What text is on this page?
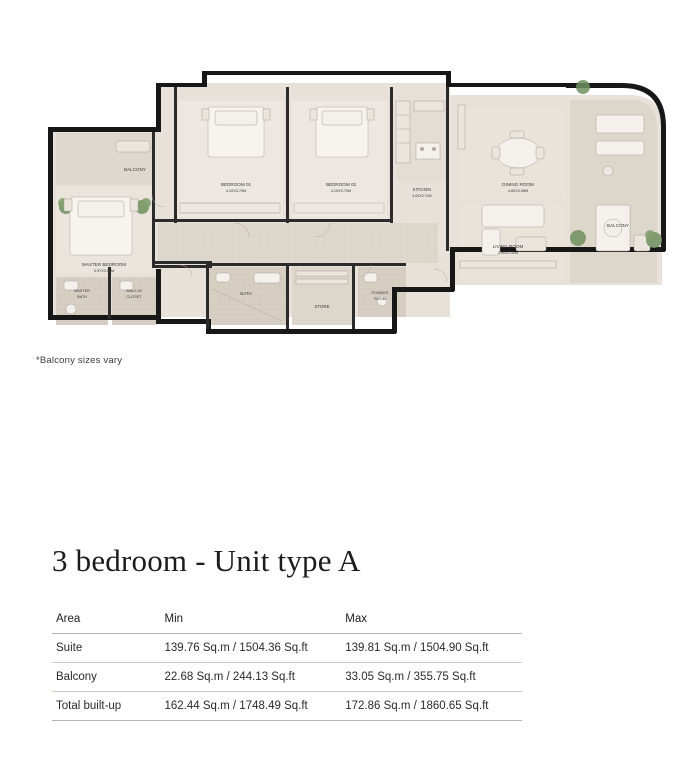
BALCONY
MASTER BEDROOM
3.97X3.59M
BEDROOM 01
4.10X3.70M
BEDROOM 02
4.10X3.70M	KITCHEN
4.00X2.70M
DINING ROOM
4.80X3.08M
BALCONY
LIVING ROOM
3.90X2.50M
MASTER
BATH
WALK-IN
CLOSET
BATH
STORE
POWDER
ROOM
*Balcony sizes vary
3 bedroom - Unit type A
Area	Min	Max
Suite	139.76 Sq.m / 1504.36 Sq.ft	139.81 Sq.m / 1504.90 Sq.ft
Balcony	22.68 Sq.m / 244.13 Sq.ft	33.05 Sq.m / 355.75 Sq.ft
Total built-up	162.44 Sq.m / 1748.49 Sq.ft	172.86 Sq.m / 1860.65 Sq.ft
